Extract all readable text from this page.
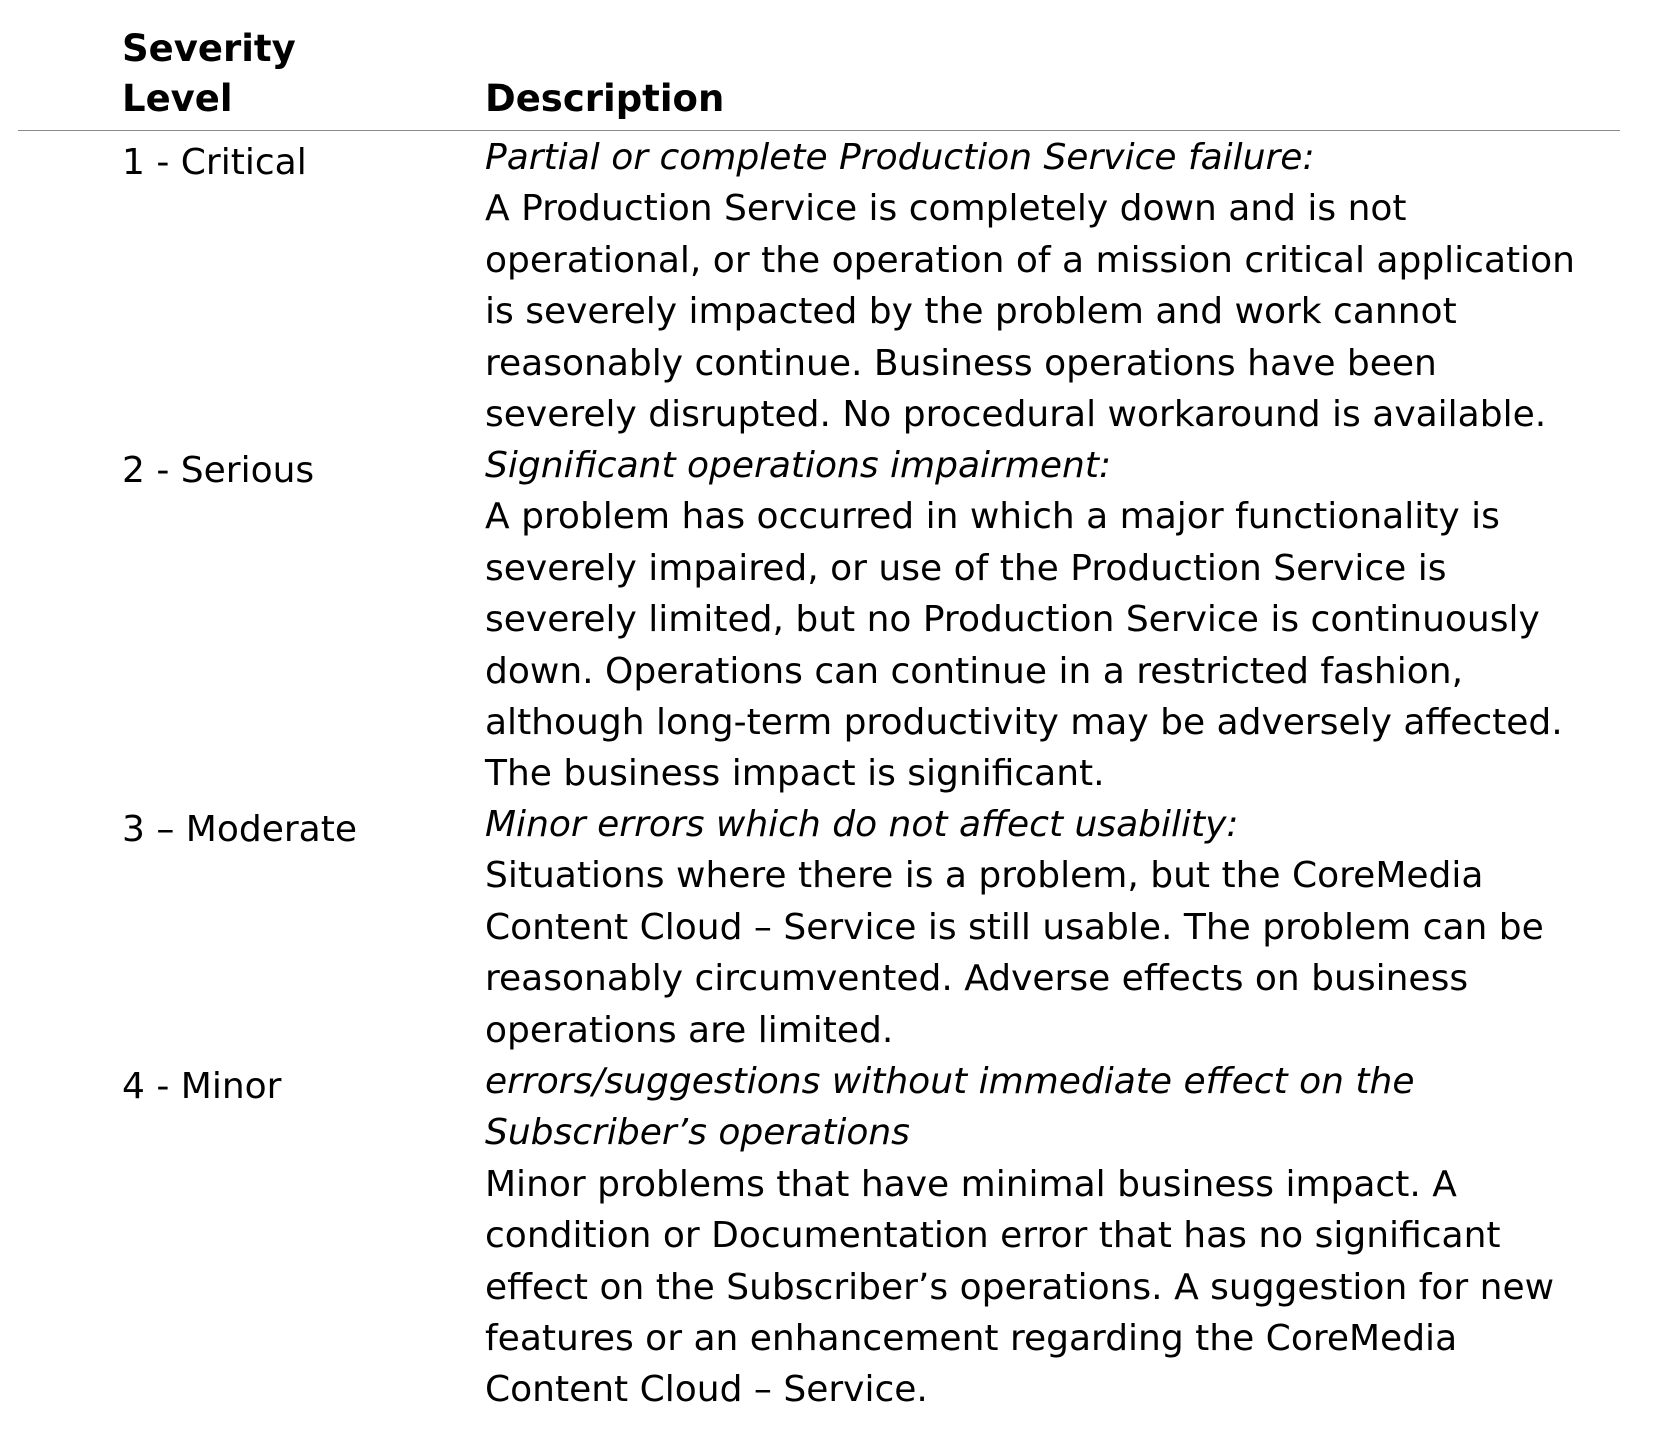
Severity
Level	Description
1 - Critical	Partial or complete Production Service failure:
A Production Service is completely down and is not
operational, or the operation of a mission critical application
is severely impacted by the problem and work cannot
reasonably continue. Business operations have been
severely disrupted. No procedural workaround is available.
2 - Serious	Significant operations impairment:
A problem has occurred in which a major functionality is
severely impaired, or use of the Production Service is
severely limited, but no Production Service is continuously
down. Operations can continue in a restricted fashion,
although long-term productivity may be adversely affected.
The business impact is significant.
3 – Moderate	Minor errors which do not affect usability:
Situations where there is a problem, but the CoreMedia
Content Cloud – Service is still usable. The problem can be
reasonably circumvented. Adverse effects on business
operations are limited.
4 - Minor	errors/suggestions without immediate effect on the
Subscriber’s operations
Minor problems that have minimal business impact. A
condition or Documentation error that has no significant
effect on the Subscriber’s operations. A suggestion for new
features or an enhancement regarding the CoreMedia
Content Cloud – Service.
